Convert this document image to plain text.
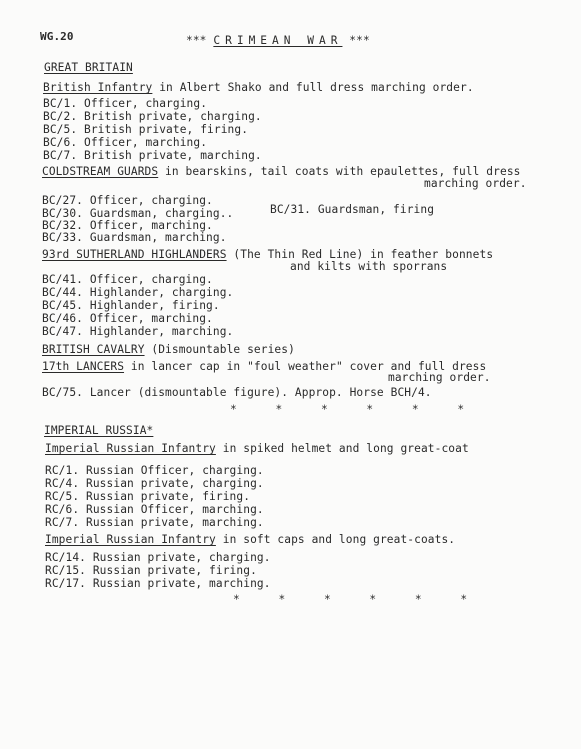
WG.20	*** CRIMEAN WAR ***
GREAT BRITAIN
British Infantry in Albert Shako and full dress marching order.
BC/1. Officer, charging.
BC/2. British private, charging.
BC/5. British private, firing.
BC/6. Officer, marching.
BC/7. British private, marching.
COLDSTREAM GUARDS in bearskins, tail coats with epaulettes, full dress
marching order.
BC/27. Officer, charging.
BC/30. Guardsman, charging..	BC/31. Guardsman, firing
BC/32. Officer, marching.
BC/33. Guardsman, marching.
93rd SUTHERLAND HIGHLANDERS (The Thin Red Line) in feather bonnets
and kilts with sporrans
BC/41. Officer, charging.
BC/44. Highlander, charging.
BC/45. Highlander, firing.
BC/46. Officer, marching.
BC/47. Highlander, marching.
BRITISH CAVALRY (Dismountable series)
17th LANCERS in lancer cap in "foul weather" cover and full dress
marching order.
BC/75. Lancer (dismountable figure). Approp. Horse BCH/4.
* * * * * *
IMPERIAL RUSSIA*
Imperial Russian Infantry in spiked helmet and long great-coat
RC/1. Russian Officer, charging.
RC/4. Russian private, charging.
RC/5. Russian private, firing.
RC/6. Russian Officer, marching.
RC/7. Russian private, marching.
Imperial Russian Infantry in soft caps and long great-coats.
RC/14. Russian private, charging.
RC/15. Russian private, firing.
RC/17. Russian private, marching.
* * * * * *
